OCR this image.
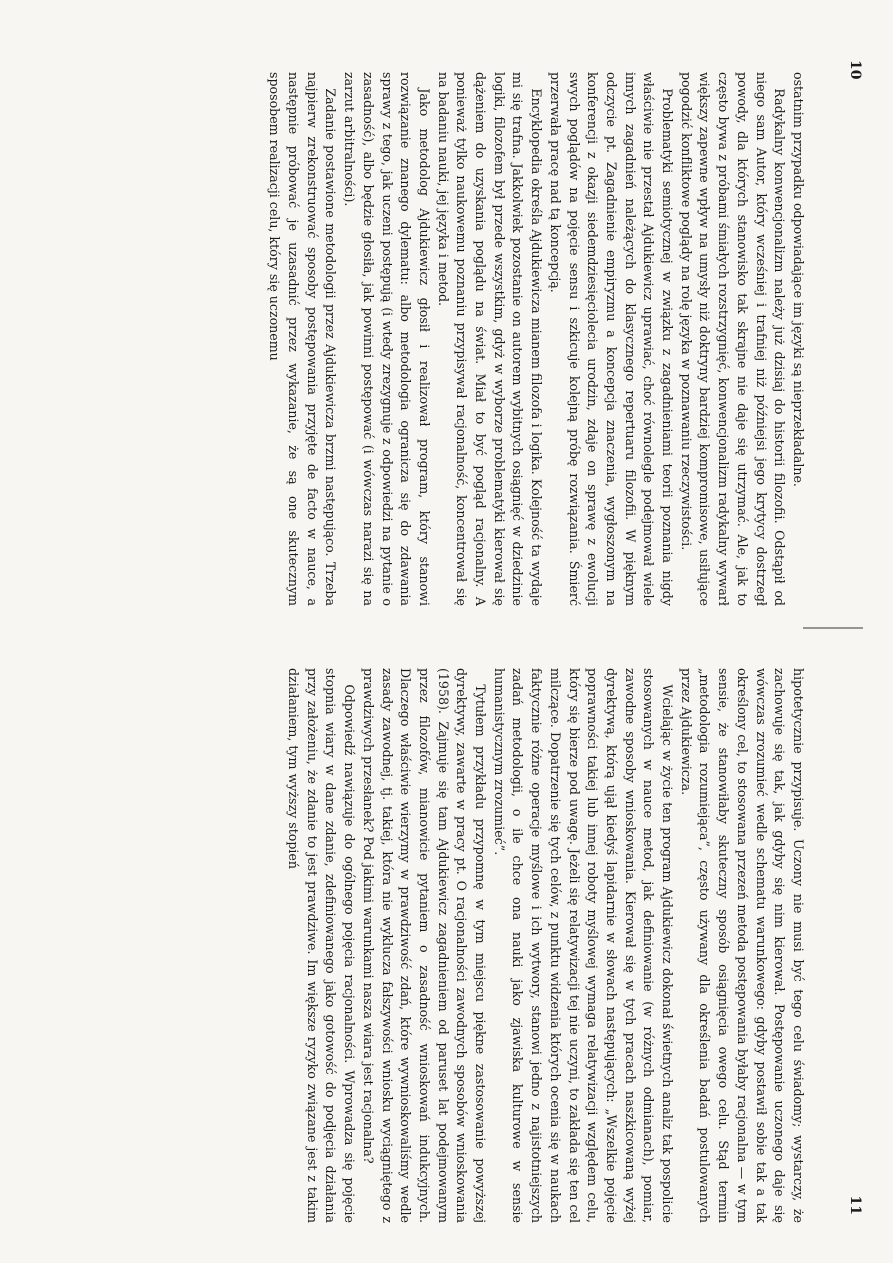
10

ostatnim przypadku odpowiadające im języki są nieprzekładalne.

Radykalny konwencjonalizm należy już dzisiaj do historii filozofii. Odstąpił od niego sam Autor, który wcześniej i trafniej niż późniejsi jego krytycy dostrzegł powody, dla których stanowisko tak skrajne nie daje się utrzymać. Ale, jak to często bywa z próbami śmiałych rozstrzygnięć, konwencjonalizm radykalny wywarł większy zapewne wpływ na umysły niż doktryny bardziej kompromisowe, usiłujące pogodzić konfliktowe poglądy na rolę języka w poznawaniu rzeczywistości.

Problematyki semiotycznej w związku z zagadnieniami teorii poznania nigdy właściwie nie przestał Ajdukiewicz uprawiać, choć równolegle podejmował wiele innych zagadnień należących do klasycznego repertuaru filozofii. W pięknym odczycie pt. Zagadnienie empiryzmu a koncepcja znaczenia, wygłoszonym na konferencji z okazji siedemdziesięciolecia urodzin, zdaje on sprawę z ewolucji swych poglądów na pojęcie sensu i szkicuje kolejną próbę rozwiązania. Śmierć przerwała pracę nad tą koncepcją.

Encyklopedia określa Ajdukiewicza mianem filozofa i logika. Kolejność ta wydaje mi się trafna. Jakkolwiek pozostanie on autorem wybitnych osiągnięć w dziedzinie logiki, filozofem był przede wszystkim, gdyż w wyborze problematyki kierował się dążeniem do uzyskania poglądu na świat. Miał to być pogląd racjonalny. A ponieważ tylko naukowemu poznaniu przypisywał racjonalność, koncentrował się na badaniu nauki, jej języka i metod.

Jako metodolog Ajdukiewicz głosił i realizował program, który stanowi rozwiązanie znanego dylematu: albo metodologia ogranicza się do zdawania sprawy z tego, jak uczeni postępują (i wtedy zrezygnuje z odpowiedzi na pytanie o zasadność), albo będzie głosiła, jak powinni postępować (i wówczas narazi się na zarzut arbitralności).

Zadanie postawione metodologii przez Ajdukiewicza brzmi następująco. Trzeba najpierw zrekonstruować sposoby postępowania przyjęte de facto w nauce, a następnie próbować je uzasadnić przez wykazanie, że są one skutecznym sposobem realizacji celu, który się uczonemu

11

hipotetycznie przypisuje. Uczony nie musi być tego celu świadomy; wystarczy, że zachowuje się tak, jak gdyby się nim kierował. Postępowanie uczonego daje się wówczas zrozumieć wedle schematu warunkowego: gdyby postawił sobie tak a tak określony cel, to stosowana przezeń metoda postępowania byłaby racjonalna — w tym sensie, że stanowiłaby skuteczny sposób osiągnięcia owego celu. Stąd termin „metodologia rozumiejąca”, często używany dla określenia badań postulowanych przez Ajdukiewicza.

Wcielając w życie ten program Ajdukiewicz dokonał świetnych analiz tak pospolicie stosowanych w nauce metod, jak definiowanie (w różnych odmianach), pomiar, zawodne sposoby wnioskowania. Kierował się w tych pracach naszkicowaną wyżej dyrektywą, którą ujął kiedyś lapidarnie w słowach następujących: „Wszelkie pojęcie poprawności takiej lub innej roboty myślowej wymaga relatywizacji względem celu, który się bierze pod uwagę. Jeżeli się relatywizacji tej nie uczyni, to zakłada się ten cel milczące. Dopatrzenie się tych celów, z punktu widzenia których ocenia się w naukach faktycznie różne operacje myślowe i ich wytwory, stanowi jedno z najistotniejszych zadań metodologii, o ile chce ona nauki jako zjawiska kulturowe w sensie humanistycznym zrozumieć”.

Tytułem przykładu przypomnę w tym miejscu piękne zastosowanie powyższej dyrektywy, zawarte w pracy pt. O racjonalności zawodnych sposobów wnioskowania (1958). Zajmuje się tam Ajdukiewicz zagadnieniem od paruset lat podejmowanym przez filozofów, mianowicie pytaniem o zasadność wnioskowań indukcyjnych. Dlaczego właściwie wierzymy w prawdziwość zdań, które wywnioskowaliśmy wedle zasady zawodnej, tj. takiej, która nie wyklucza fałszywości wniosku wyciągniętego z prawdziwych przesłanek? Pod jakimi warunkami nasza wiara jest racjonalna?

Odpowiedź nawiązuje do ogólnego pojęcia racjonalności. Wprowadza się pojęcie stopnia wiary w dane zdanie, zdefiniowanego jako gotowość do podjęcia działania przy założeniu, że zdanie to jest prawdziwe. Im większe ryzyko związane jest z takim działaniem, tym wyższy stopień
